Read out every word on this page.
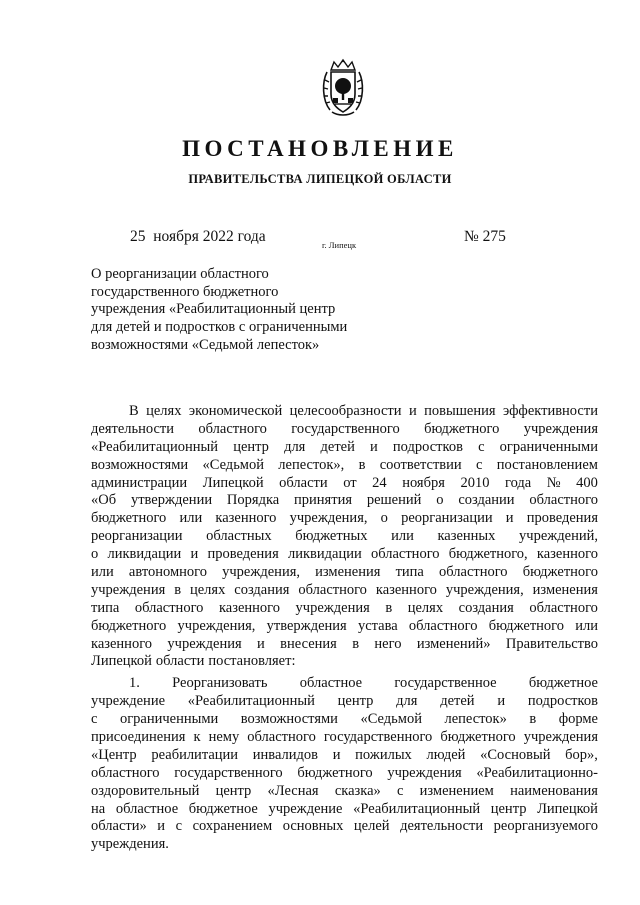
ПОСТАНОВЛЕНИЕ
ПРАВИТЕЛЬСТВА ЛИПЕЦКОЙ ОБЛАСТИ
25  ноября 2022 года	г. Липецк	№ 275
О реорганизации областного
государственного бюджетного
учреждения «Реабилитационный центр
для детей и подростков с ограниченными
возможностями «Седьмой лепесток»
В целях экономической целесообразности и повышения эффективности
деятельности областного государственного бюджетного учреждения
«Реабилитационный центр для детей и подростков с ограниченными
возможностями «Седьмой лепесток», в соответствии с постановлением
администрации Липецкой области от 24 ноября 2010 года № 400
«Об утверждении Порядка принятия решений о создании областного
бюджетного или казенного учреждения, о реорганизации и проведения
реорганизации областных бюджетных или казенных учреждений,
о ликвидации и проведения ликвидации областного бюджетного, казенного
или автономного учреждения, изменения типа областного бюджетного
учреждения в целях создания областного казенного учреждения, изменения
типа областного казенного учреждения в целях создания областного
бюджетного учреждения, утверждения устава областного бюджетного или
казенного учреждения и внесения в него изменений» Правительство
Липецкой области постановляет:
1. Реорганизовать областное государственное бюджетное
учреждение «Реабилитационный центр для детей и подростков
с ограниченными возможностями «Седьмой лепесток» в форме
присоединения к нему областного государственного бюджетного учреждения
«Центр реабилитации инвалидов и пожилых людей «Сосновый бор»,
областного государственного бюджетного учреждения «Реабилитационно-
оздоровительный центр «Лесная сказка» с изменением наименования
на областное бюджетное учреждение «Реабилитационный центр Липецкой
области» и с сохранением основных целей деятельности реорганизуемого
учреждения.
